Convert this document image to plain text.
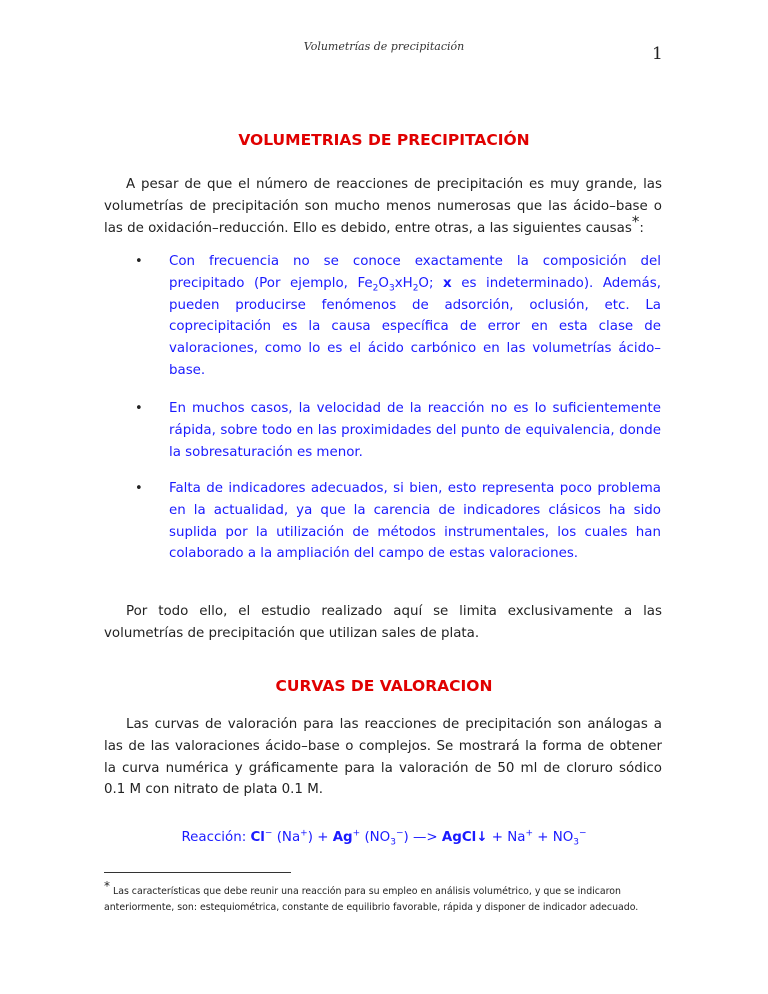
Volumetrías de precipitación	1
VOLUMETRIAS DE PRECIPITACIÓN
A pesar de que el número de reacciones de precipitación es muy grande, las volumetrías de precipitación son mucho menos numerosas que las ácido–base o las de oxidación–reducción. Ello es debido, entre otras, a las siguientes causas*:
• Con frecuencia no se conoce exactamente la composición del precipitado (Por ejemplo, $Fe_2O_3xH_2O$; x es indeterminado). Además, pueden producirse fenómenos de adsorción, oclusión, etc. La coprecipitación es la causa específica de error en esta clase de valoraciones, como lo es el ácido carbónico en las volumetrías ácido–base.
• En muchos casos, la velocidad de la reacción no es lo suficientemente rápida, sobre todo en las proximidades del punto de equivalencia, donde la sobresaturación es menor.
• Falta de indicadores adecuados, si bien, esto representa poco problema en la actualidad, ya que la carencia de indicadores clásicos ha sido suplida por la utilización de métodos instrumentales, los cuales han colaborado a la ampliación del campo de estas valoraciones.
Por todo ello, el estudio realizado aquí se limita exclusivamente a las volumetrías de precipitación que utilizan sales de plata.
CURVAS DE VALORACION
Las curvas de valoración para las reacciones de precipitación son análogas a las de las valoraciones ácido–base o complejos. Se mostrará la forma de obtener la curva numérica y gráficamente para la valoración de 50 ml de cloruro sódico 0.1 M con nitrato de plata 0.1 M.
Reacción: Cl− (Na+) + Ag+ $(NO_3^-)$ —> AgCl↓ + $Na^+ + NO_3^-$
* Las características que debe reunir una reacción para su empleo en análisis volumétrico, y que se indicaron anteriormente, son: estequiométrica, constante de equilibrio favorable, rápida y disponer de indicador adecuado.
